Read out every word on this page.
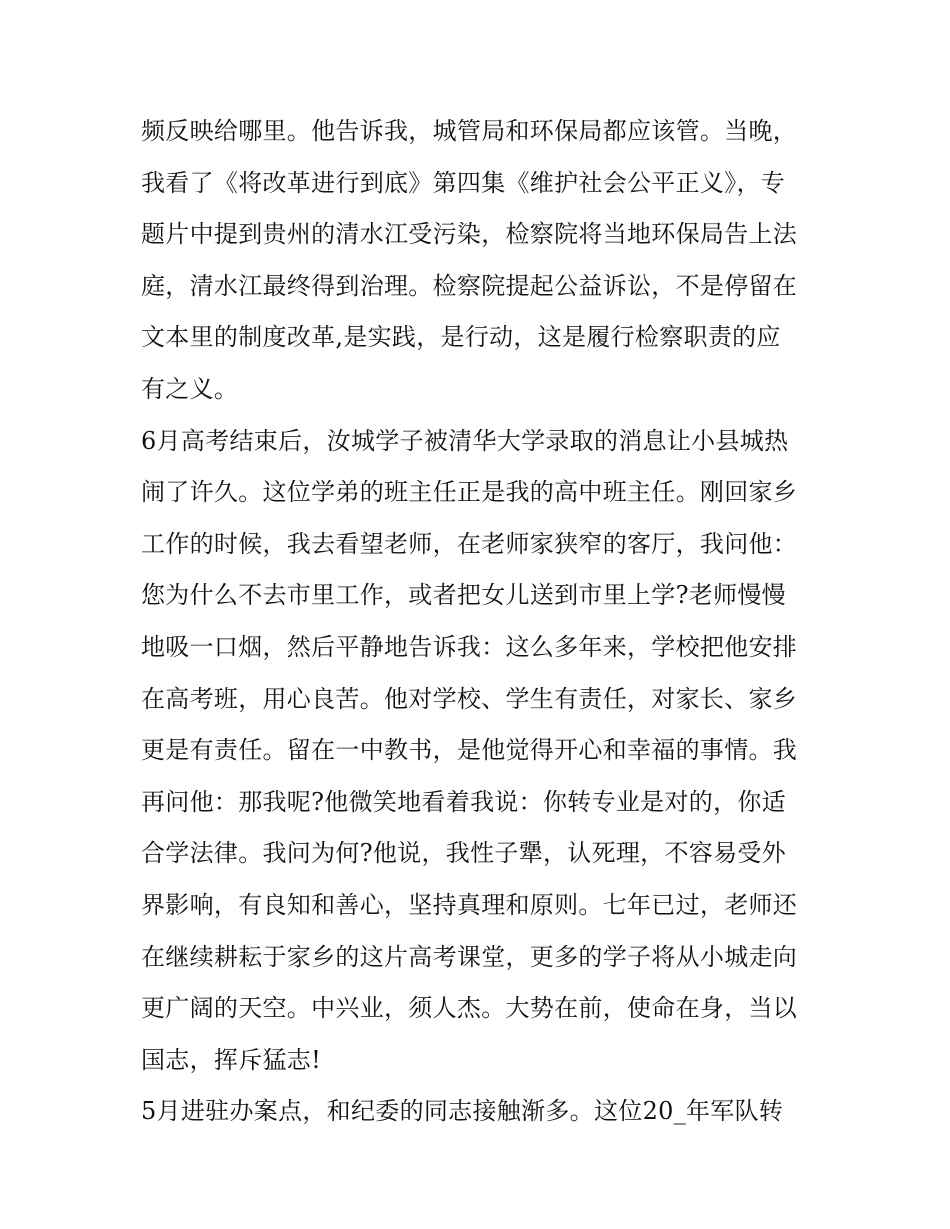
频反映给哪里。他告诉我，城管局和环保局都应该管。当晚，
我看了《将改革进行到底》第四集《维护社会公平正义》，专
题片中提到贵州的清水江受污染，检察院将当地环保局告上法
庭，清水江最终得到治理。检察院提起公益诉讼，不是停留在
文本里的制度改革,是实践，是行动，这是履行检察职责的应
有之义。
6月高考结束后，汝城学子被清华大学录取的消息让小县城热
闹了许久。这位学弟的班主任正是我的高中班主任。刚回家乡
工作的时候，我去看望老师，在老师家狭窄的客厅，我问他：
您为什么不去市里工作，或者把女儿送到市里上学?老师慢慢
地吸一口烟，然后平静地告诉我：这么多年来，学校把他安排
在高考班，用心良苦。他对学校、学生有责任，对家长、家乡
更是有责任。留在一中教书，是他觉得开心和幸福的事情。我
再问他：那我呢?他微笑地看着我说：你转专业是对的，你适
合学法律。我问为何?他说，我性子犟，认死理，不容易受外
界影响，有良知和善心，坚持真理和原则。七年已过，老师还
在继续耕耘于家乡的这片高考课堂，更多的学子将从小城走向
更广阔的天空。中兴业，须人杰。大势在前，使命在身，当以
国志，挥斥猛志!
5月进驻办案点，和纪委的同志接触渐多。这位20_年军队转
